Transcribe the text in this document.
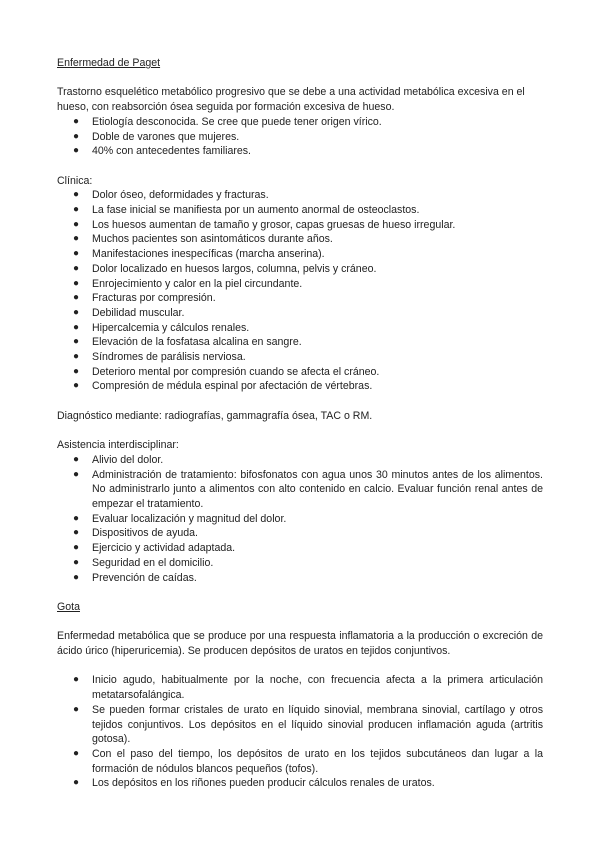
Enfermedad de Paget

Trastorno esquelético metabólico progresivo que se debe a una actividad metabólica excesiva en el hueso, con reabsorción ósea seguida por formación excesiva de hueso.

● Etiología desconocida. Se cree que puede tener origen vírico.
● Doble de varones que mujeres.
● 40% con antecedentes familiares.

Clínica:

● Dolor óseo, deformidades y fracturas.
● La fase inicial se manifiesta por un aumento anormal de osteoclastos.
● Los huesos aumentan de tamaño y grosor, capas gruesas de hueso irregular.
● Muchos pacientes son asintomáticos durante años.
● Manifestaciones inespecíficas (marcha anserina).
● Dolor localizado en huesos largos, columna, pelvis y cráneo.
● Enrojecimiento y calor en la piel circundante.
● Fracturas por compresión.
● Debilidad muscular.
● Hipercalcemia y cálculos renales.
● Elevación de la fosfatasa alcalina en sangre.
● Síndromes de parálisis nerviosa.
● Deterioro mental por compresión cuando se afecta el cráneo.
● Compresión de médula espinal por afectación de vértebras.

Diagnóstico mediante: radiografías, gammagrafía ósea, TAC o RM.

Asistencia interdisciplinar:

● Alivio del dolor.
● Administración de tratamiento: bifosfonatos con agua unos 30 minutos antes de los alimentos. No administrarlo junto a alimentos con alto contenido en calcio. Evaluar función renal antes de empezar el tratamiento.
● Evaluar localización y magnitud del dolor.
● Dispositivos de ayuda.
● Ejercicio y actividad adaptada.
● Seguridad en el domicilio.
● Prevención de caídas.

Gota

Enfermedad metabólica que se produce por una respuesta inflamatoria a la producción o excreción de ácido úrico (hiperuricemia). Se producen depósitos de uratos en tejidos conjuntivos.

● Inicio agudo, habitualmente por la noche, con frecuencia afecta a la primera articulación metatarsofalángica.
● Se pueden formar cristales de urato en líquido sinovial, membrana sinovial, cartílago y otros tejidos conjuntivos. Los depósitos en el líquido sinovial producen inflamación aguda (artritis gotosa).
● Con el paso del tiempo, los depósitos de urato en los tejidos subcutáneos dan lugar a la formación de nódulos blancos pequeños (tofos).
● Los depósitos en los riñones pueden producir cálculos renales de uratos.
